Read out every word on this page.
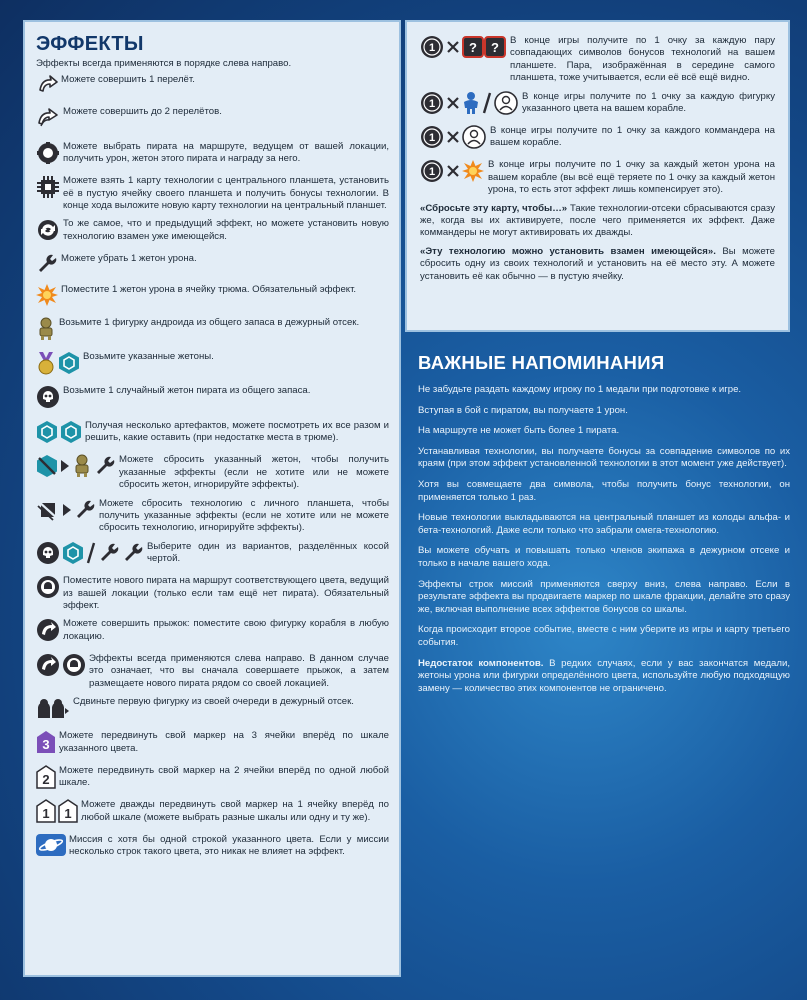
ЭФФЕКТЫ
Эффекты всегда применяются в порядке слева направо.
Можете совершить 1 перелёт.
Можете совершить до 2 перелётов.
Можете выбрать пирата на маршруте, ведущем от вашей локации, получить урон, жетон этого пирата и награду за него.
Можете взять 1 карту технологии с центрального планшета, установить её в пустую ячейку своего планшета и получить бонусы технологии. В конце хода выложите новую карту технологии на центральный планшет.
То же самое, что и предыдущий эффект, но можете установить новую технологию взамен уже имеющейся.
Можете убрать 1 жетон урона.
Поместите 1 жетон урона в ячейку трюма. Обязательный эффект.
Возьмите 1 фигурку андроида из общего запаса в дежурный отсек.
Возьмите указанные жетоны.
Возьмите 1 случайный жетон пирата из общего запаса.
Получая несколько артефактов, можете посмотреть их все разом и решить, какие оставить (при недостатке места в трюме).
Можете сбросить указанный жетон, чтобы получить указанные эффекты (если не хотите или не можете сбросить жетон, игнорируйте эффекты).
Можете сбросить технологию с личного планшета, чтобы получить указанные эффекты (если не хотите или не можете сбросить технологию, игнорируйте эффекты).
Выберите один из вариантов, разделённых косой чертой.
Поместите нового пирата на маршрут соответствующего цвета, ведущий из вашей локации (только если там ещё нет пирата). Обязательный эффект.
Можете совершить прыжок: поместите свою фигурку корабля в любую локацию.
Эффекты всегда применяются слева направо. В данном случае это означает, что вы сначала совершаете прыжок, а затем размещаете нового пирата рядом со своей локацией.
Сдвиньте первую фигурку из своей очереди в дежурный отсек.
3
Можете передвинуть свой маркер на 3 ячейки вперёд по шкале указанного цвета.
2
Можете передвинуть свой маркер на 2 ячейки вперёд по одной любой шкале.
1 1
Можете дважды передвинуть свой маркер на 1 ячейку вперёд по любой шкале (можете выбрать разные шкалы или одну и ту же).
Миссия с хотя бы одной строкой указанного цвета. Если у миссии несколько строк такого цвета, это никак не влияет на эффект.
1	? ? В конце игры получите по 1 очку за каждую пару совпадающих символов бонусов технологий на вашем планшете. Пара, изображённая в середине самого планшета, тоже учитывается, если её всё ещё видно.
1
В конце игры получите по 1 очку за каждую фигурку указанного цвета на вашем корабле.
1
В конце игры получите по 1 очку за каждого коммандера на вашем корабле.
1
В конце игры получите по 1 очку за каждый жетон урона на вашем корабле (вы всё ещё теряете по 1 очку за каждый жетон урона, то есть этот эффект лишь компенсирует это).
«Сбросьте эту карту, чтобы…» Такие технологии-отсеки сбрасываются сразу же, когда вы их активируете, после чего применяется их эффект. Даже коммандеры не могут активировать их дважды.
«Эту технологию можно установить взамен имеющейся». Вы можете сбросить одну из своих технологий и установить на её место эту. А можете установить её как обычно — в пустую ячейку.
ВАЖНЫЕ НАПОМИНАНИЯ
Не забудьте раздать каждому игроку по 1 медали при подготовке к игре.
Вступая в бой с пиратом, вы получаете 1 урон.
На маршруте не может быть более 1 пирата.
Устанавливая технологии, вы получаете бонусы за совпадение символов по их краям (при этом эффект установленной технологии в этот момент уже действует).
Хотя вы совмещаете два символа, чтобы получить бонус технологии, он применяется только 1 раз.
Новые технологии выкладываются на центральный планшет из колоды альфа- и бета-технологий. Даже если только что забрали омега-технологию.
Вы можете обучать и повышать только членов экипажа в дежурном отсеке и только в начале вашего хода.
Эффекты строк миссий применяются сверху вниз, слева направо. Если в результате эффекта вы продвигаете маркер по шкале фракции, делайте это сразу же, включая выполнение всех эффектов бонусов со шкалы.
Когда происходит второе событие, вместе с ним уберите из игры и карту третьего события.
Недостаток компонентов. В редких случаях, если у вас закончатся медали, жетоны урона или фигурки определённого цвета, используйте любую подходящую замену — количество этих компонентов не ограничено.
